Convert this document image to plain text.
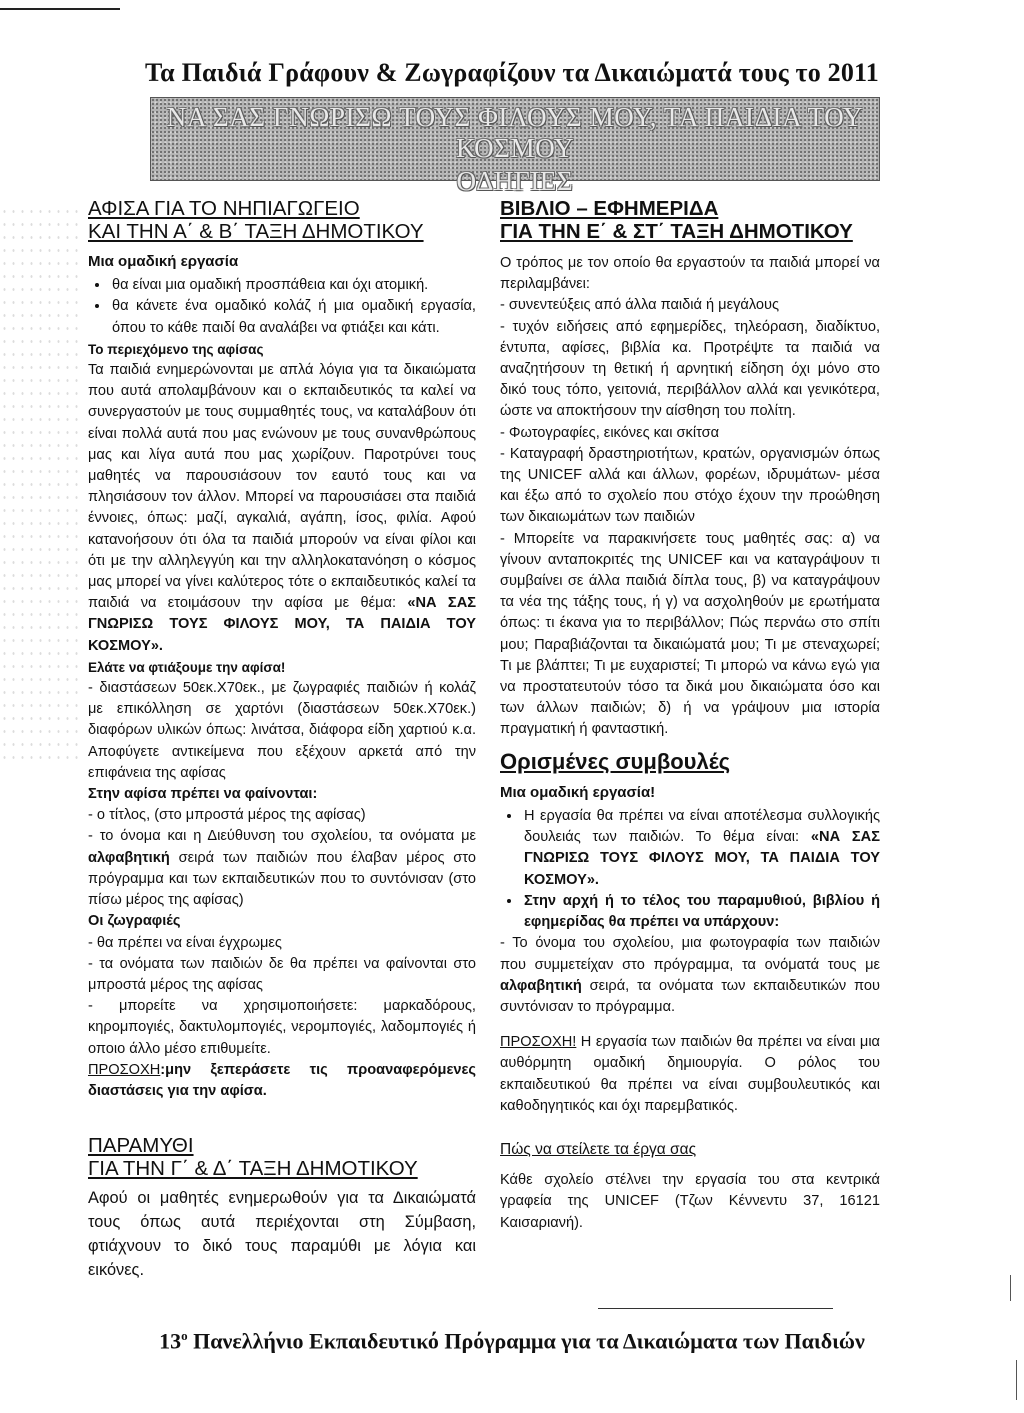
Τα Παιδιά Γράφουν & Ζωγραφίζουν τα Δικαιώματά τους το 2011
ΝΑ ΣΑΣ ΓΝΩΡΙΣΩ ΤΟΥΣ ΦΙΛΟΥΣ ΜΟΥ, ΤΑ ΠΑΙΔΙΑ ΤΟΥ ΚΟΣΜΟΥ
ΟΔΗΓΙΕΣ
ΑΦΙΣΑ ΓΙΑ ΤΟ ΝΗΠΙΑΓΩΓΕΙΟ
ΚΑΙ ΤΗΝ Α΄ & Β΄ ΤΑΞΗ ΔΗΜΟΤΙΚΟΥ
Μια ομαδική εργασία
• θα είναι μια ομαδική προσπάθεια και όχι ατομική.
• θα κάνετε ένα ομαδικό κολάζ ή μια ομαδική εργασία, όπου το κάθε παιδί θα αναλάβει να φτιάξει και κάτι.
Το περιεχόμενο της αφίσας

Τα παιδιά ενημερώνονται με απλά λόγια για τα δικαιώματα που αυτά απολαμβάνουν και ο εκπαιδευτικός τα καλεί να συνεργαστούν με τους συμμαθητές τους, να καταλάβουν ότι είναι πολλά αυτά που μας ενώνουν με τους συνανθρώπους μας και λίγα αυτά που μας χωρίζουν. Παροτρύνει τους μαθητές να παρουσιάσουν τον εαυτό τους και να πλησιάσουν τον άλλον. Μπορεί να παρουσιάσει στα παιδιά έννοιες, όπως: μαζί, αγκαλιά, αγάπη, ίσος, φιλία. Αφού κατανοήσουν ότι όλα τα παιδιά μπορούν να είναι φίλοι και ότι με την αλληλεγγύη και την αλληλοκατανόηση ο κόσμος μας μπορεί να γίνει καλύτερος τότε ο εκπαιδευτικός καλεί τα παιδιά να ετοιμάσουν την αφίσα με θέμα: «ΝΑ ΣΑΣ ΓΝΩΡΙΣΩ ΤΟΥΣ ΦΙΛΟΥΣ ΜΟΥ, ΤΑ ΠΑΙΔΙΑ ΤΟΥ ΚΟΣΜΟΥ».

Ελάτε να φτιάξουμε την αφίσα!

- διαστάσεων 50εκ.Χ70εκ., με ζωγραφιές παιδιών ή κολάζ με επικόλληση σε χαρτόνι (διαστάσεων 50εκ.Χ70εκ.) διαφόρων υλικών όπως: λινάτσα, διάφορα είδη χαρτιού κ.α. Αποφύγετε αντικείμενα που εξέχουν αρκετά από την επιφάνεια της αφίσας

Στην αφίσα πρέπει να φαίνονται:

- ο τίτλος, (στο μπροστά μέρος της αφίσας)

- το όνομα και η Διεύθυνση του σχολείου, τα ονόματα με αλφαβητική σειρά των παιδιών που έλαβαν μέρος στο πρόγραμμα και των εκπαιδευτικών που το συντόνισαν (στο πίσω μέρος της αφίσας)

Οι ζωγραφιές

- θα πρέπει να είναι έγχρωμες

- τα ονόματα των παιδιών δε θα πρέπει να φαίνονται στο μπροστά μέρος της αφίσας

- μπορείτε να χρησιμοποιήσετε: μαρκαδόρους, κηρομπογιές, δακτυλομπογιές, νερομπογιές, λαδομπογιές ή οποιο άλλο μέσο επιθυμείτε.

ΠΡΟΣΟΧΗ:μην ξεπεράσετε τις προαναφερόμενες διαστάσεις για την αφίσα.

ΠΑΡΑΜΥΘΙ
ΓΙΑ ΤΗΝ Γ΄ & Δ΄ ΤΑΞΗ ΔΗΜΟΤΙΚΟΥ

Αφού οι μαθητές ενημερωθούν για τα Δικαιώματά τους όπως αυτά περιέχονται στη Σύμβαση, φτιάχνουν το δικό τους παραμύθι με λόγια και εικόνες.

ΒΙΒΛΙΟ – ΕΦΗΜΕΡΙΔΑ
ΓΙΑ ΤΗΝ Ε΄ & ΣΤ΄ ΤΑΞΗ ΔΗΜΟΤΙΚΟΥ

Ο τρόπος με τον οποίο θα εργαστούν τα παιδιά μπορεί να περιλαμβάνει:

- συνεντεύξεις από άλλα παιδιά ή μεγάλους

- τυχόν ειδήσεις από εφημερίδες, τηλεόραση, διαδίκτυο, έντυπα, αφίσες, βιβλία κα. Προτρέψτε τα παιδιά να αναζητήσουν τη θετική ή αρνητική είδηση όχι μόνο στο δικό τους τόπο, γειτονιά, περιβάλλον αλλά και γενικότερα, ώστε να αποκτήσουν την αίσθηση του πολίτη.

- Φωτογραφίες, εικόνες και σκίτσα

- Καταγραφή δραστηριοτήτων, κρατών, οργανισμών όπως της UNICEF αλλά και άλλων, φορέων, ιδρυμάτων- μέσα και έξω από το σχολείο που στόχο έχουν την προώθηση των δικαιωμάτων των παιδιών

- Μπορείτε να παρακινήσετε τους μαθητές σας: α) να γίνουν ανταποκριτές της UNICEF και να καταγράψουν τι συμβαίνει σε άλλα παιδιά δίπλα τους, β) να καταγράψουν τα νέα της τάξης τους, ή γ) να ασχοληθούν με ερωτήματα όπως: τι έκανα για το περιβάλλον; Πώς περνάω στο σπίτι μου; Παραβιάζονται τα δικαιώματά μου; Τι με στεναχωρεί; Τι με βλάπτει; Τι με ευχαριστεί; Τι μπορώ να κάνω εγώ για να προστατευτούν τόσο τα δικά μου δικαιώματα όσο και των άλλων παιδιών; δ) ή να γράψουν μια ιστορία πραγματική ή φανταστική.

Ορισμένες συμβουλές
Μια ομαδική εργασία!
• Η εργασία θα πρέπει να είναι αποτέλεσμα συλλογικής δουλειάς των παιδιών. Το θέμα είναι: «ΝΑ ΣΑΣ ΓΝΩΡΙΣΩ ΤΟΥΣ ΦΙΛΟΥΣ ΜΟΥ, ΤΑ ΠΑΙΔΙΑ ΤΟΥ ΚΟΣΜΟΥ».
• Στην αρχή ή το τέλος του παραμυθιού, βιβλίου ή εφημερίδας θα πρέπει να υπάρχουν:

- Το όνομα του σχολείου, μια φωτογραφία των παιδιών που συμμετείχαν στο πρόγραμμα, τα ονόματά τους με αλφαβητική σειρά, τα ονόματα των εκπαιδευτικών που συντόνισαν το πρόγραμμα.

ΠΡΟΣΟΧΗ! Η εργασία των παιδιών θα πρέπει να είναι μια αυθόρμητη ομαδική δημιουργία. Ο ρόλος του εκπαιδευτικού θα πρέπει να είναι συμβουλευτικός και καθοδηγητικός και όχι παρεμβατικός.

Πώς να στείλετε τα έργα σας

Κάθε σχολείο στέλνει την εργασία του στα κεντρικά γραφεία της UNICEF (Τζων Κέννεντυ 37, 16121 Καισαριανή).

$13^o$ Πανελλήνιο Εκπαιδευτικό Πρόγραμμα για τα Δικαιώματα των Παιδιών
